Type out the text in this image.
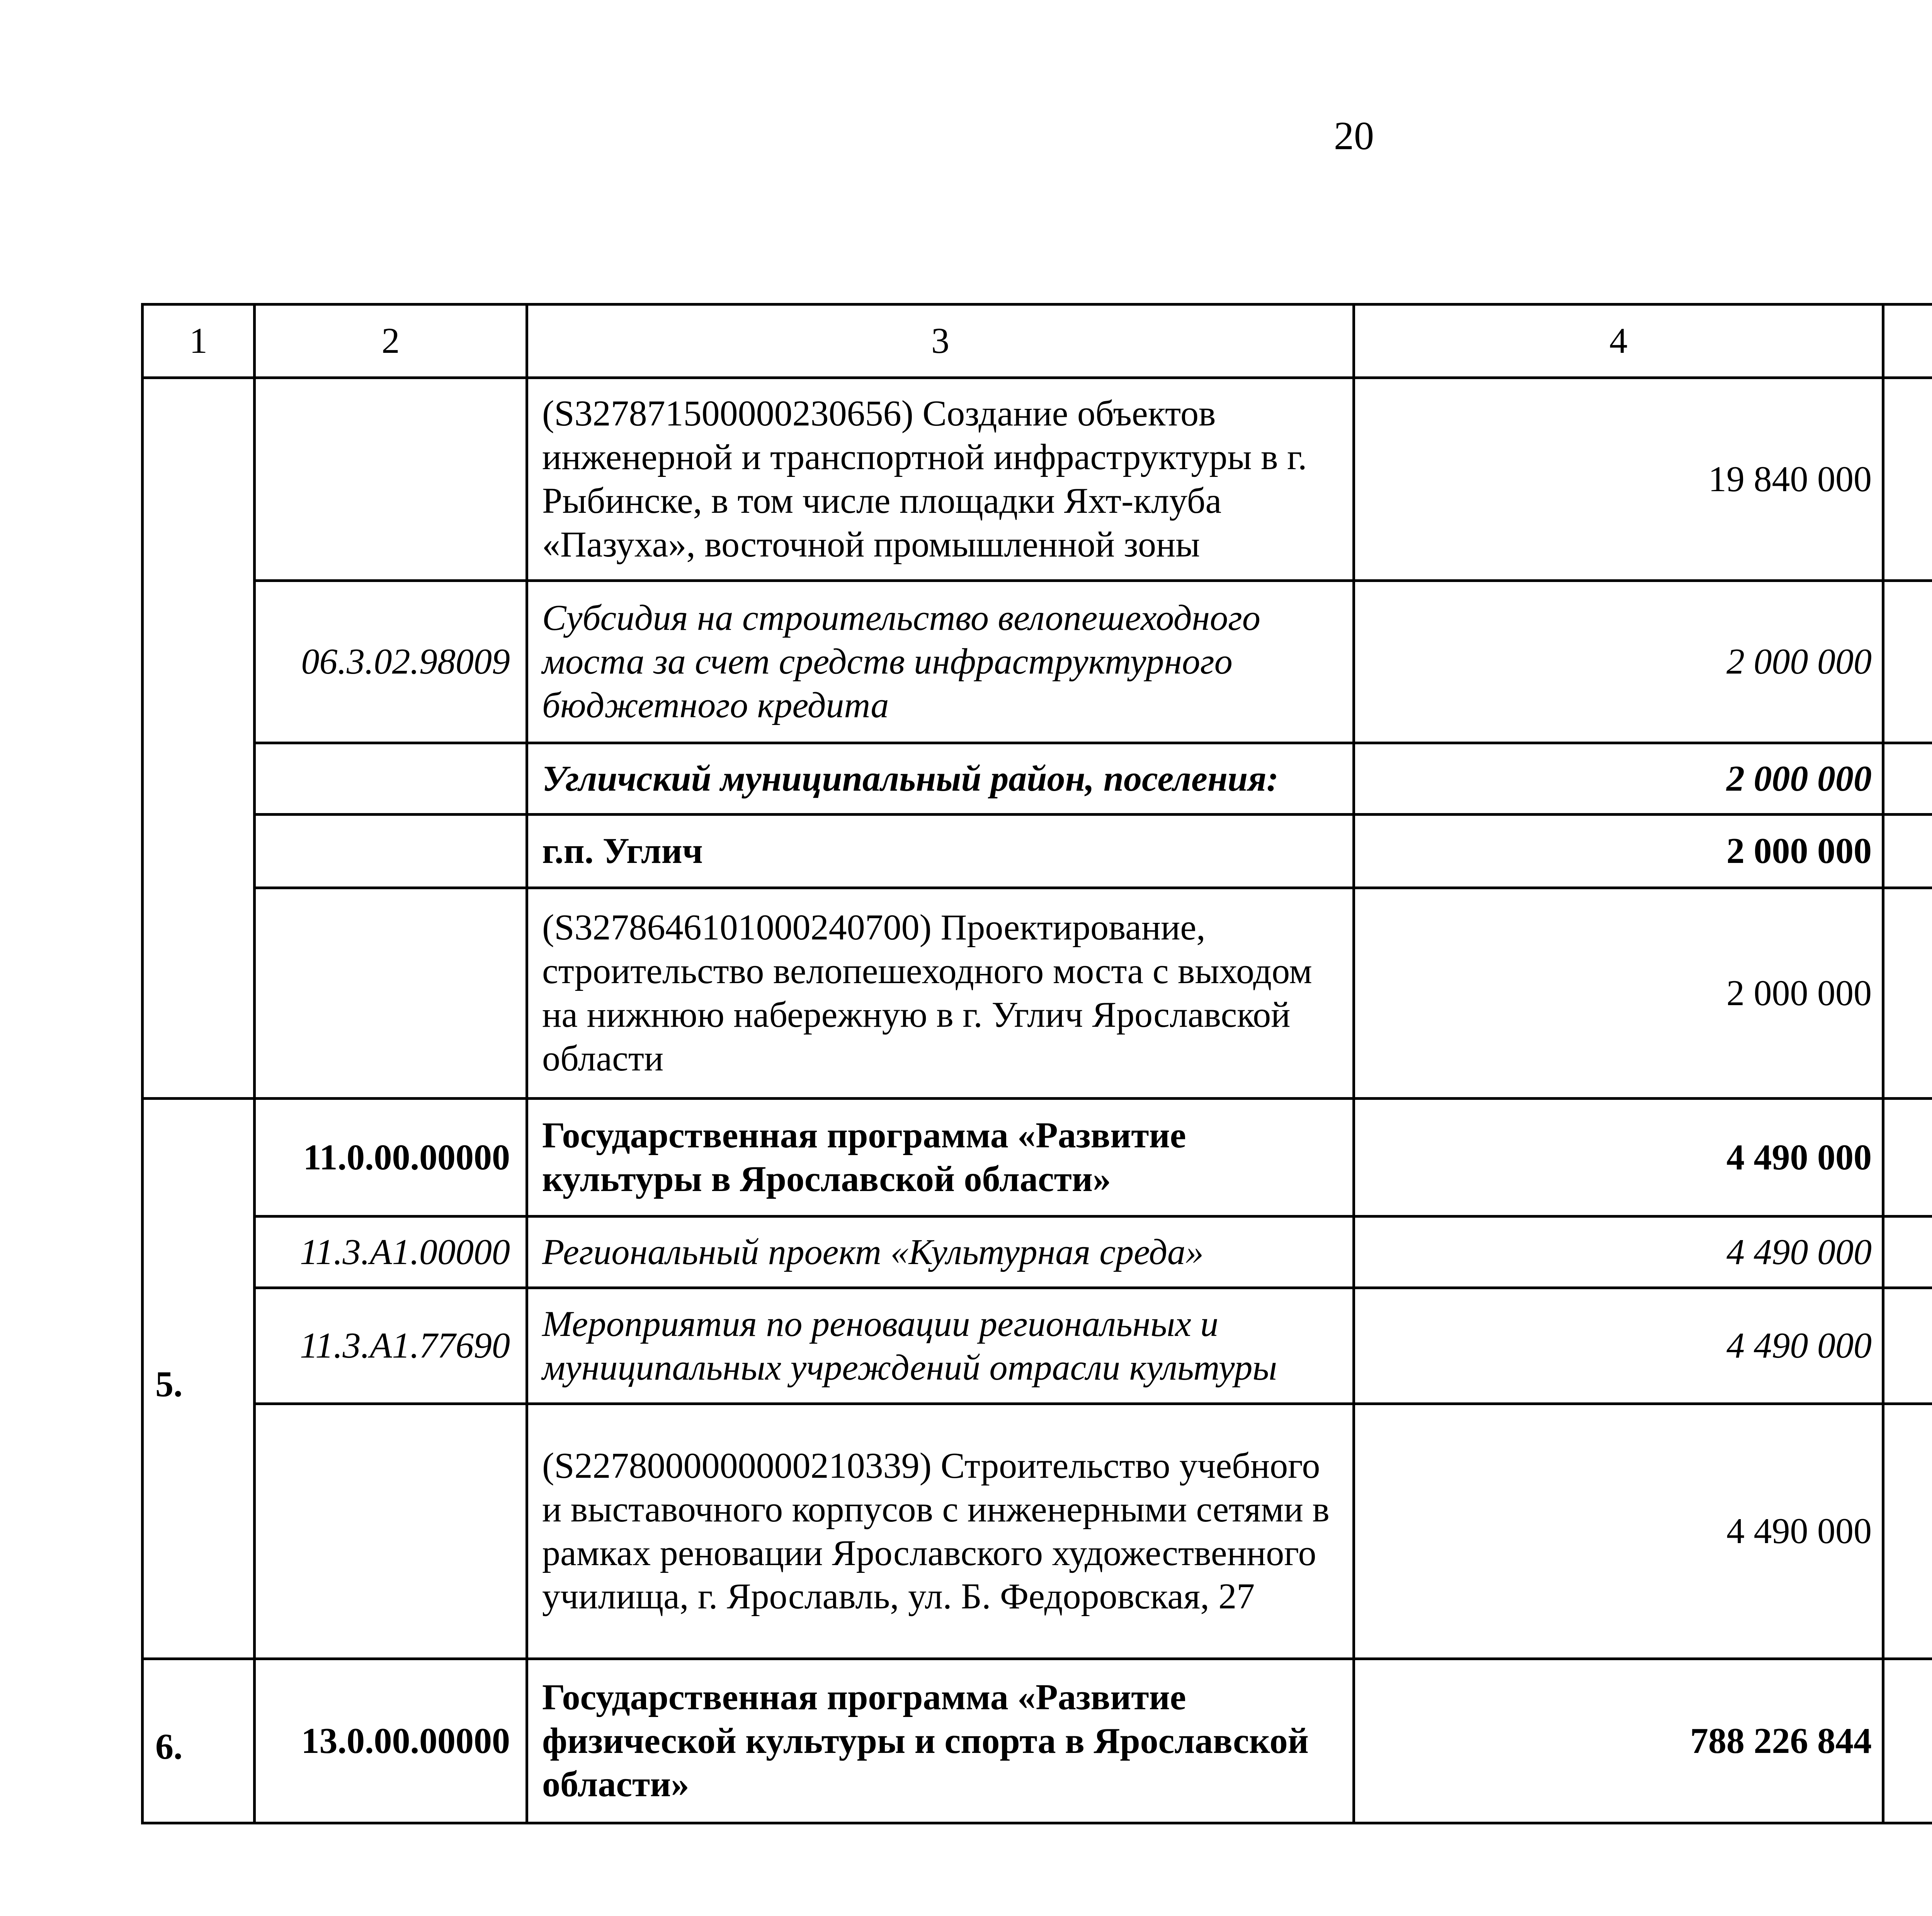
20
1	2	3	4			
		(S327871500000230656) Создание объектов инженерной и транспортной инфраструктуры в г. Рыбинске, в том числе площадки Яхт-клуба «Пазуха», восточной промышленной зоны	19 840 000			
	06.3.02.98009	Субсидия на строительство велопешеходного моста за счет средств инфраструктурного бюджетного кредита	2 000 000			
		Угличский муниципальный район, поселения:	2 000 000			
		г.п. Углич	2 000 000			
		(S327864610100024070​0) Проектирование, строительство велопешеходного моста с выходом на нижнюю набережную в г. Углич Ярославской области	2 000 000			
5.	11.0.00.00000	Государственная программа «Развитие культуры в Ярославской области»	4 490 000			
	11.3.А1.00000	Региональный проект «Культурная среда»	4 490 000			
	11.3.А1.77690	Мероприятия по реновации региональных и муниципальных учреждений отрасли культуры	4 490 000			
		(S227800000000021033​9) Строительство учебного и выставочного корпусов с инженерными сетями в рамках реновации Ярославского художественного училища, г. Ярославль, ул. Б. Федоровская, 27	4 490 000			
6.	13.0.00.00000	Государственная программа «Развитие физической культуры и спорта в Ярославской области»	788 226 844			
